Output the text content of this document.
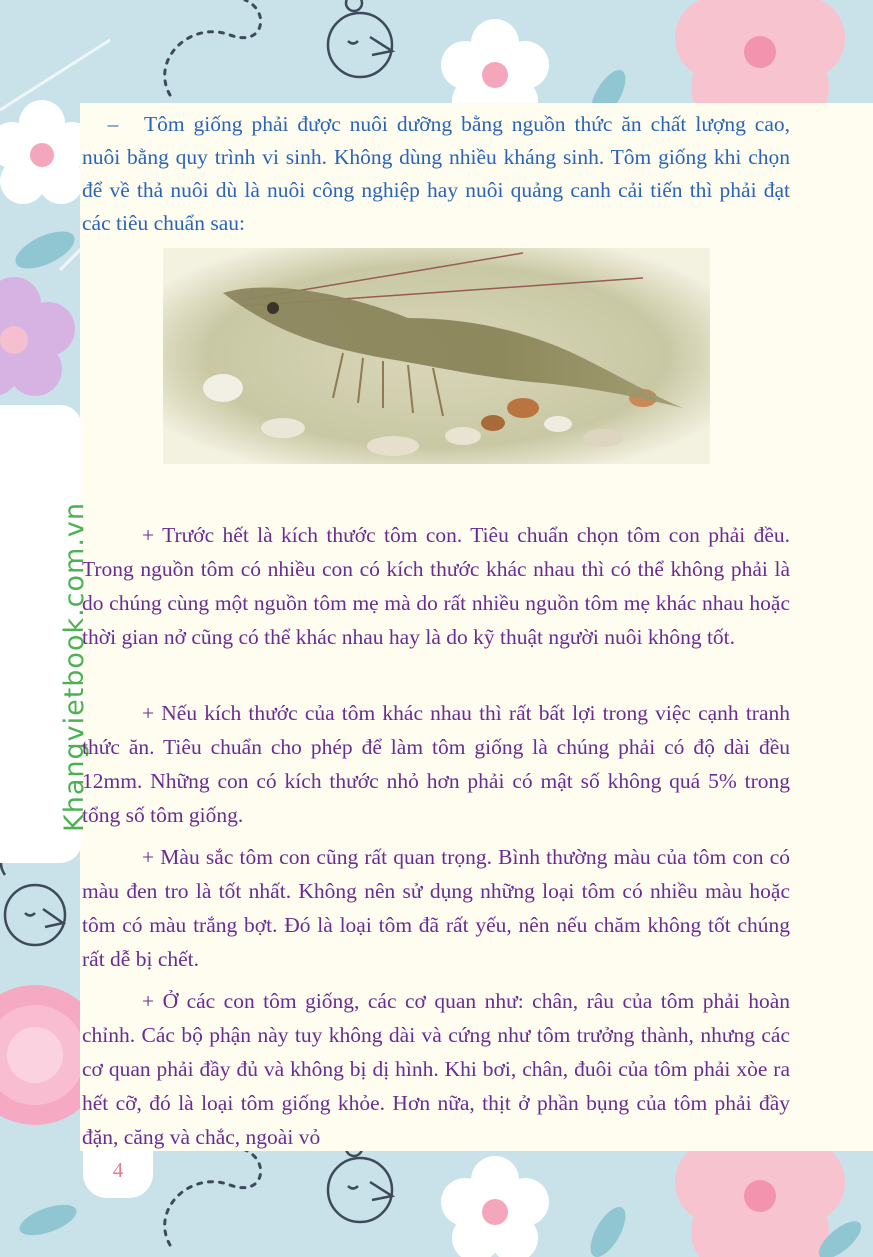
Khangvietbook.com.vn

– Tôm giống phải được nuôi dưỡng bằng nguồn thức ăn chất lượng cao, nuôi bằng quy trình vi sinh. Không dùng nhiều kháng sinh. Tôm giống khi chọn để về thả nuôi dù là nuôi công nghiệp hay nuôi quảng canh cải tiến thì phải đạt các tiêu chuẩn sau:

+ Trước hết là kích thước tôm con. Tiêu chuẩn chọn tôm con phải đều. Trong nguồn tôm có nhiều con có kích thước khác nhau thì có thể không phải là do chúng cùng một nguồn tôm mẹ mà do rất nhiều nguồn tôm mẹ khác nhau hoặc thời gian nở cũng có thể khác nhau hay là do kỹ thuật người nuôi không tốt.

+ Nếu kích thước của tôm khác nhau thì rất bất lợi trong việc cạnh tranh thức ăn. Tiêu chuẩn cho phép để làm tôm giống là chúng phải có độ dài đều 12mm. Những con có kích thước nhỏ hơn phải có mật số không quá 5% trong tổng số tôm giống.

+ Màu sắc tôm con cũng rất quan trọng. Bình thường màu của tôm con có màu đen tro là tốt nhất. Không nên sử dụng những loại tôm có nhiều màu hoặc tôm có màu trắng bợt. Đó là loại tôm đã rất yếu, nên nếu chăm không tốt chúng rất dễ bị chết.

+ Ở các con tôm giống, các cơ quan như: chân, râu của tôm phải hoàn chỉnh. Các bộ phận này tuy không dài và cứng như tôm trưởng thành, nhưng các cơ quan phải đầy đủ và không bị dị hình. Khi bơi, chân, đuôi của tôm phải xòe ra hết cỡ, đó là loại tôm giống khỏe. Hơn nữa, thịt ở phần bụng của tôm phải đầy đặn, căng và chắc, ngoài vỏ

4
